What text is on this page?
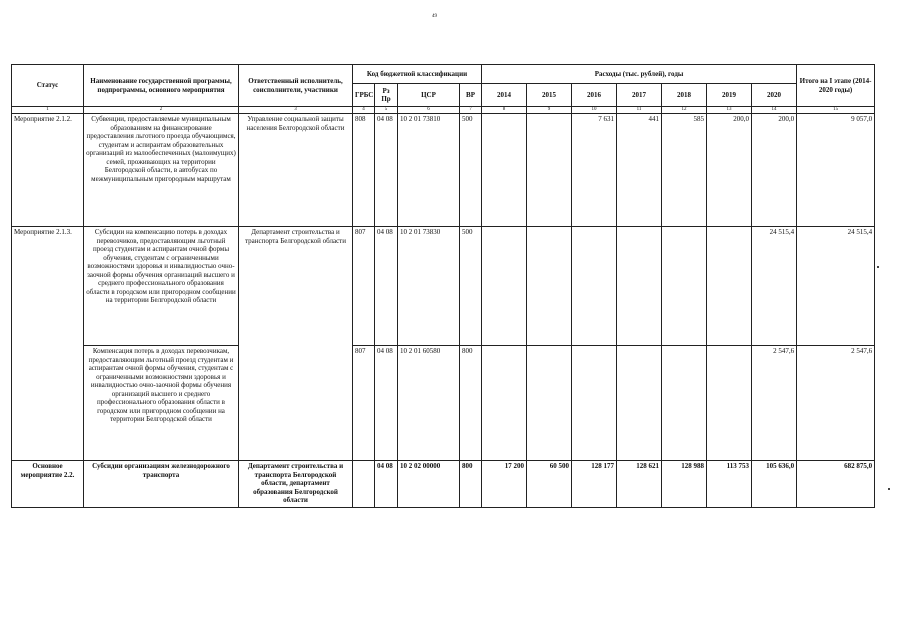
49
Статус	Наименование государственной программы, подпрограммы, основного мероприятия	Ответственный исполнитель, соисполнители, участники	Код бюджетной классификации				Расходы (тыс. рублей), годы							Итого на I этапе (2014-2020 годы)
			ГРБС	Рз Пр	ЦСР	ВР	2014	2015	2016	2017	2018	2019	2020	
1	2	3	4	5	6	7	8	9	10	11	12	13	14	15
Мероприятие 2.1.2.	Субвенции, предоставляемые муниципальным образованиям на финансирование предоставления льготного проезда обучающимся, студентам и аспирантам образовательных организаций из малообеспеченных (малоимущих) семей, проживающих на территории Белгородской области, в автобусах по межмуниципальным пригородным маршрутам	Управление социальной защиты населения Белгородской области	808	04 08	10 2 01 73810	500			7 631	441	585	200,0	200,0	9 057,0
Мероприятие 2.1.3.	Субсидии на компенсацию потерь в доходах перевозчиков, предоставляющим льготный проезд студентам и аспирантам очной формы обучения, студентам с ограниченными возможностями здоровья и инвалидностью очно-заочной формы обучения организаций высшего и среднего профессионального образования области в городском или пригородном сообщении на территории Белгородской области	Департамент строительства и транспорта Белгородской области	807	04 08	10 2 01 73830	500							24 515,4	24 515,4
	Компенсация потерь в доходах перевозчикам, предоставляющим льготный проезд студентам и аспирантам очной формы обучения, студентам с ограниченными возможностями здоровья и инвалидностью очно-заочной формы обучения организаций высшего и среднего профессионального образования области в городском или пригородном сообщении на территории Белгородской области		807	04 08	10 2 01 60580	800							2 547,6	2 547,6
Основное мероприятие 2.2.	Субсидии организациям железнодорожного транспорта	Департамент строительства и транспорта Белгородской области, департамент образования Белгородской области		04 08	10 2 02 00000	800	17 200	60 500	128 177	128 621	128 988	113 753	105 636,0	682 875,0
